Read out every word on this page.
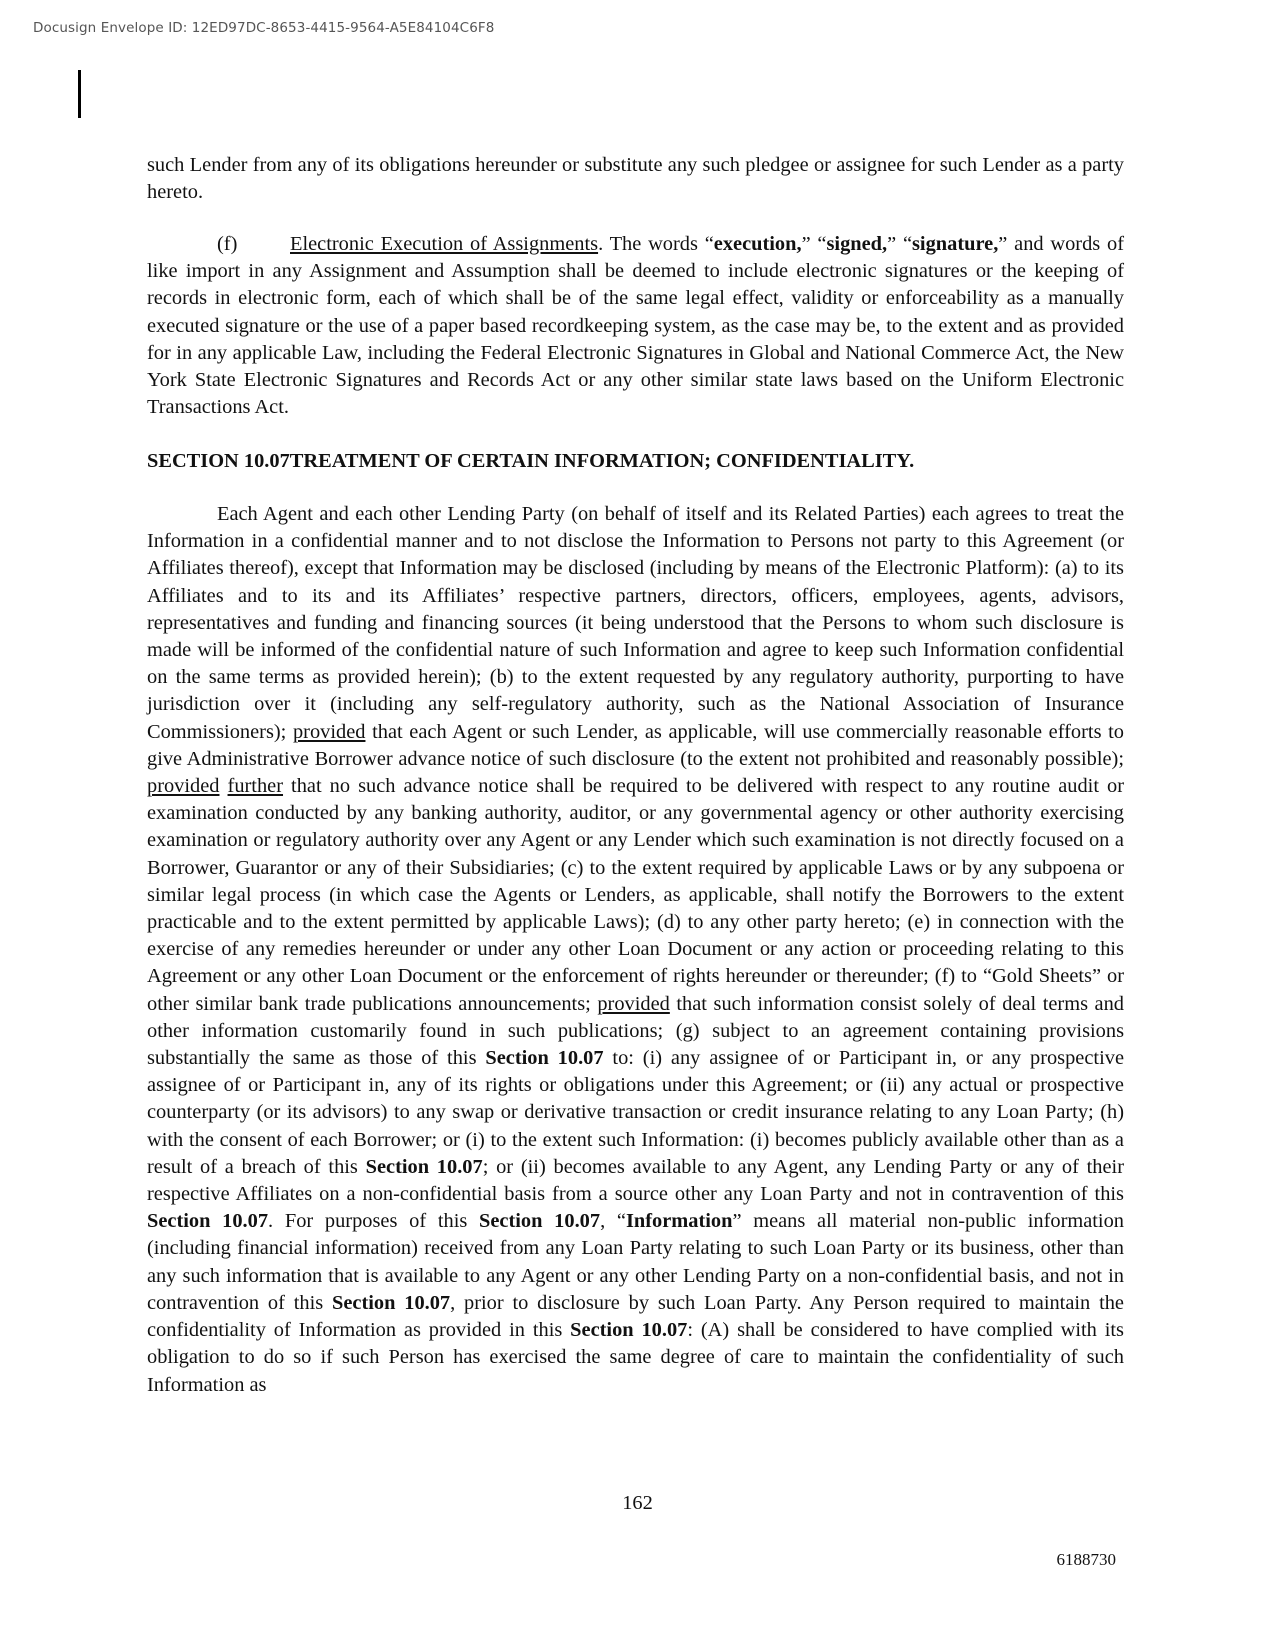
Docusign Envelope ID: 12ED97DC-8653-4415-9564-A5E84104C6F8

such Lender from any of its obligations hereunder or substitute any such pledgee or assignee for such Lender as a party hereto.

(f)	Electronic Execution of Assignments. The words “execution,” “signed,” “signature,” and words of like import in any Assignment and Assumption shall be deemed to include electronic signatures or the keeping of records in electronic form, each of which shall be of the same legal effect, validity or enforceability as a manually executed signature or the use of a paper based recordkeeping system, as the case may be, to the extent and as provided for in any applicable Law, including the Federal Electronic Signatures in Global and National Commerce Act, the New York State Electronic Signatures and Records Act or any other similar state laws based on the Uniform Electronic Transactions Act.

SECTION 10.07TREATMENT OF CERTAIN INFORMATION; CONFIDENTIALITY.

Each Agent and each other Lending Party (on behalf of itself and its Related Parties) each agrees to treat the Information in a confidential manner and to not disclose the Information to Persons not party to this Agreement (or Affiliates thereof), except that Information may be disclosed (including by means of the Electronic Platform): (a) to its Affiliates and to its and its Affiliates’ respective partners, directors, officers, employees, agents, advisors, representatives and funding and financing sources (it being understood that the Persons to whom such disclosure is made will be informed of the confidential nature of such Information and agree to keep such Information confidential on the same terms as provided herein); (b) to the extent requested by any regulatory authority, purporting to have jurisdiction over it (including any self-regulatory authority, such as the National Association of Insurance Commissioners); provided that each Agent or such Lender, as applicable, will use commercially reasonable efforts to give Administrative Borrower advance notice of such disclosure (to the extent not prohibited and reasonably possible); provided further that no such advance notice shall be required to be delivered with respect to any routine audit or examination conducted by any banking authority, auditor, or any governmental agency or other authority exercising examination or regulatory authority over any Agent or any Lender which such examination is not directly focused on a Borrower, Guarantor or any of their Subsidiaries; (c) to the extent required by applicable Laws or by any subpoena or similar legal process (in which case the Agents or Lenders, as applicable, shall notify the Borrowers to the extent practicable and to the extent permitted by applicable Laws); (d) to any other party hereto; (e) in connection with the exercise of any remedies hereunder or under any other Loan Document or any action or proceeding relating to this Agreement or any other Loan Document or the enforcement of rights hereunder or thereunder; (f) to “Gold Sheets” or other similar bank trade publications announcements; provided that such information consist solely of deal terms and other information customarily found in such publications; (g) subject to an agreement containing provisions substantially the same as those of this Section 10.07 to: (i) any assignee of or Participant in, or any prospective assignee of or Participant in, any of its rights or obligations under this Agreement; or (ii) any actual or prospective counterparty (or its advisors) to any swap or derivative transaction or credit insurance relating to any Loan Party; (h) with the consent of each Borrower; or (i) to the extent such Information: (i) becomes publicly available other than as a result of a breach of this Section 10.07; or (ii) becomes available to any Agent, any Lending Party or any of their respective Affiliates on a non-confidential basis from a source other any Loan Party and not in contravention of this Section 10.07. For purposes of this Section 10.07, “Information” means all material non-public information (including financial information) received from any Loan Party relating to such Loan Party or its business, other than any such information that is available to any Agent or any other Lending Party on a non-confidential basis, and not in contravention of this Section 10.07, prior to disclosure by such Loan Party. Any Person required to maintain the confidentiality of Information as provided in this Section 10.07: (A) shall be considered to have complied with its obligation to do so if such Person has exercised the same degree of care to maintain the confidentiality of such Information as

162
6188730
